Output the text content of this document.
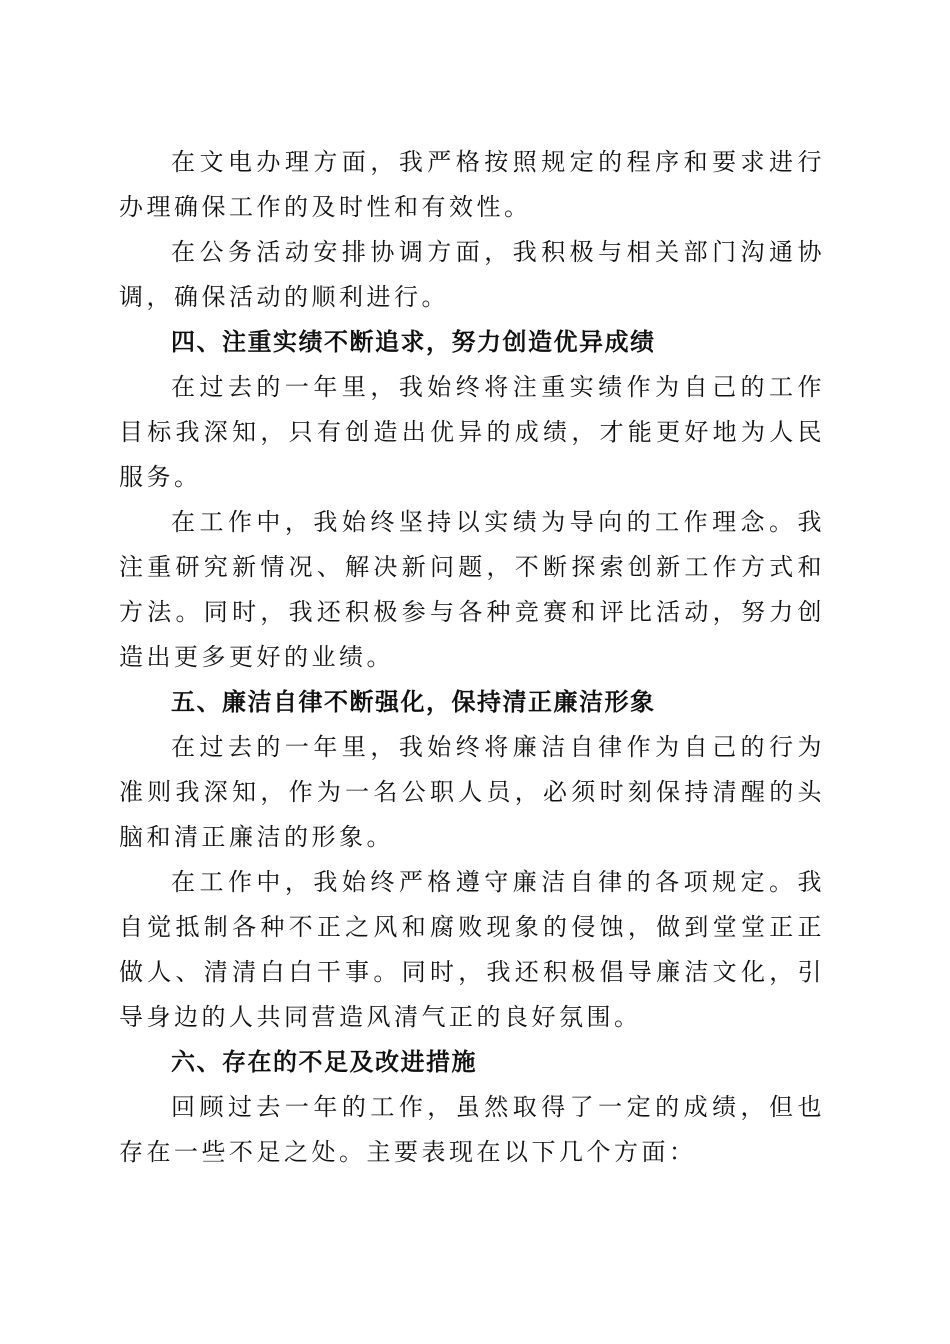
在文电办理方面，我严格按照规定的程序和要求进行办理确保工作的及时性和有效性。

在公务活动安排协调方面，我积极与相关部门沟通协调，确保活动的顺利进行。

四、注重实绩不断追求，努力创造优异成绩

在过去的一年里，我始终将注重实绩作为自己的工作目标我深知，只有创造出优异的成绩，才能更好地为人民服务。

在工作中，我始终坚持以实绩为导向的工作理念。我注重研究新情况、解决新问题，不断探索创新工作方式和方法。同时，我还积极参与各种竞赛和评比活动，努力创造出更多更好的业绩。

五、廉洁自律不断强化，保持清正廉洁形象

在过去的一年里，我始终将廉洁自律作为自己的行为准则我深知，作为一名公职人员，必须时刻保持清醒的头脑和清正廉洁的形象。

在工作中，我始终严格遵守廉洁自律的各项规定。我自觉抵制各种不正之风和腐败现象的侵蚀，做到堂堂正正做人、清清白白干事。同时，我还积极倡导廉洁文化，引导身边的人共同营造风清气正的良好氛围。

六、存在的不足及改进措施

回顾过去一年的工作，虽然取得了一定的成绩，但也存在一些不足之处。主要表现在以下几个方面：
